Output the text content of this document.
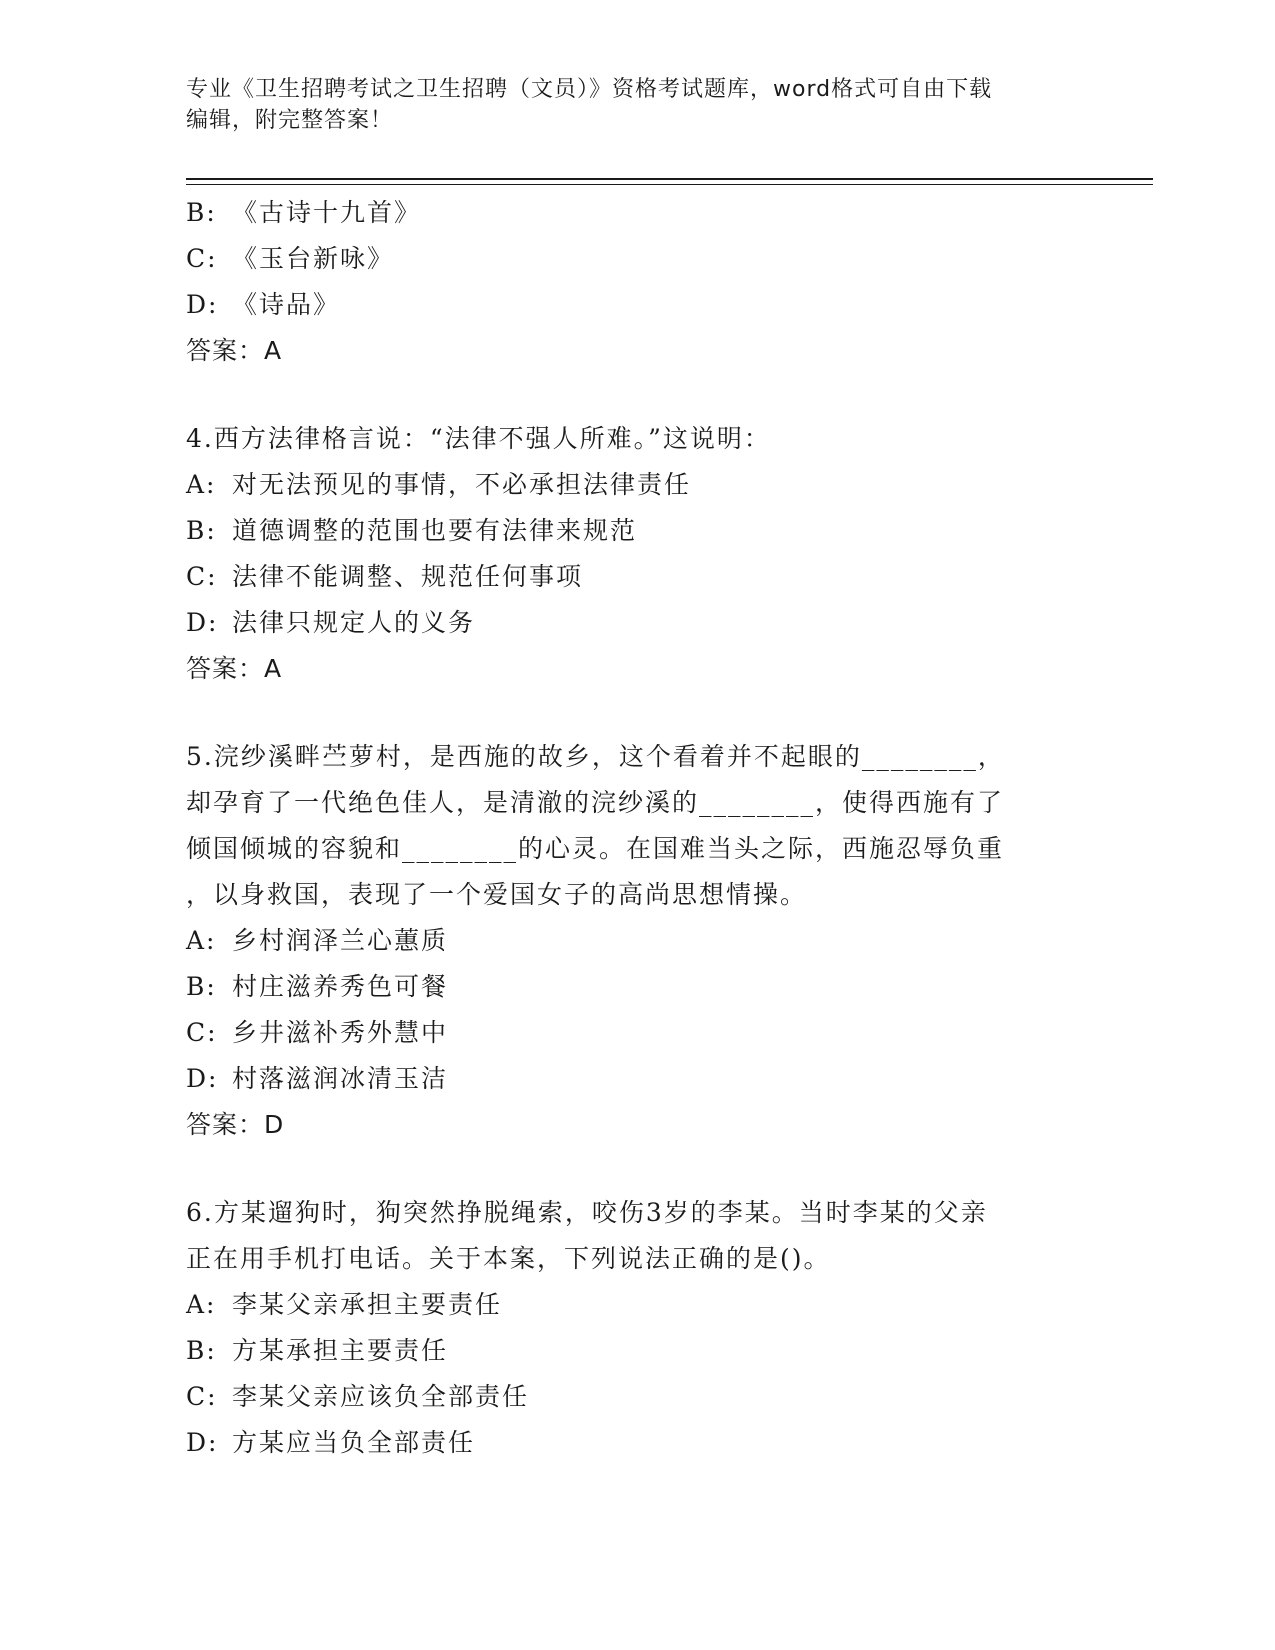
专业《卫生招聘考试之卫生招聘（文员）》资格考试题库，word格式可自由下载
编辑，附完整答案！
B: 《古诗十九首》
C: 《玉台新咏》
D: 《诗品》
答案：A
4.西方法律格言说：“法律不强人所难。”这说明：
A: 对无法预见的事情，不必承担法律责任
B: 道德调整的范围也要有法律来规范
C: 法律不能调整、规范任何事项
D: 法律只规定人的义务
答案：A
5.浣纱溪畔苎萝村，是西施的故乡，这个看着并不起眼的________，
却孕育了一代绝色佳人，是清澈的浣纱溪的________，使得西施有了
倾国倾城的容貌和________的心灵。在国难当头之际，西施忍辱负重
，以身救国，表现了一个爱国女子的高尚思想情操。
A: 乡村润泽兰心蕙质
B: 村庄滋养秀色可餐
C: 乡井滋补秀外慧中
D: 村落滋润冰清玉洁
答案：D
6.方某遛狗时，狗突然挣脱绳索，咬伤3岁的李某。当时李某的父亲
正在用手机打电话。关于本案，下列说法正确的是()。
A: 李某父亲承担主要责任
B: 方某承担主要责任
C: 李某父亲应该负全部责任
D: 方某应当负全部责任
